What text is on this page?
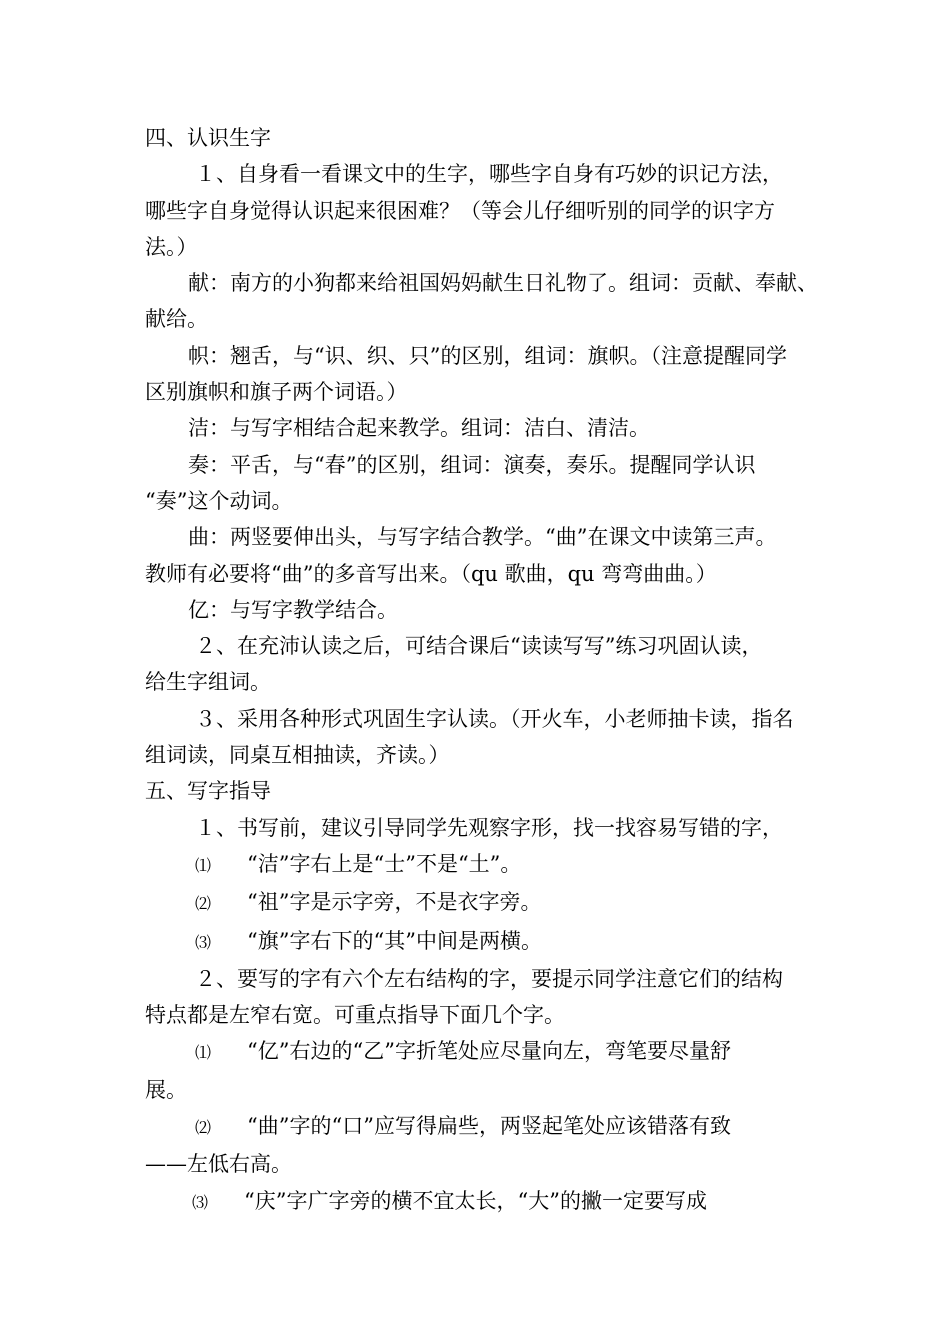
四、认识生字

１、自身看一看课文中的生字，哪些字自身有巧妙的识记方法，

哪些字自身觉得认识起来很困难？（等会儿仔细听别的同学的识字方

法。）

献：南方的小狗都来给祖国妈妈献生日礼物了。组词：贡献、奉献、

献给。

帜：翘舌，与“识、织、只”的区别，组词：旗帜。（注意提醒同学

区别旗帜和旗子两个词语。）

洁：与写字相结合起来教学。组词：洁白、清洁。

奏：平舌，与“春”的区别，组词：演奏，奏乐。提醒同学认识

“奏”这个动词。

曲：两竖要伸出头，与写字结合教学。“曲”在课文中读第三声。

教师有必要将“曲”的多音写出来。（qu 歌曲，qu 弯弯曲曲。）

亿：与写字教学结合。

２、在充沛认读之后，可结合课后“读读写写”练习巩固认读，

给生字组词。

３、采用各种形式巩固生字认读。（开火车，小老师抽卡读，指名

组词读，同桌互相抽读，齐读。）

五、写字指导

１、书写前，建议引导同学先观察字形，找一找容易写错的字，

⑴ “洁”字右上是“士”不是“土”。

⑵ “祖”字是示字旁，不是衣字旁。

⑶ “旗”字右下的“其”中间是两横。

２、要写的字有六个左右结构的字，要提示同学注意它们的结构

特点都是左窄右宽。可重点指导下面几个字。

⑴ “亿”右边的“乙”字折笔处应尽量向左，弯笔要尽量舒

展。

⑵ “曲”字的“口”应写得扁些，两竖起笔处应该错落有致

——左低右高。

⑶ “庆”字广字旁的横不宜太长，“大”的撇一定要写成
